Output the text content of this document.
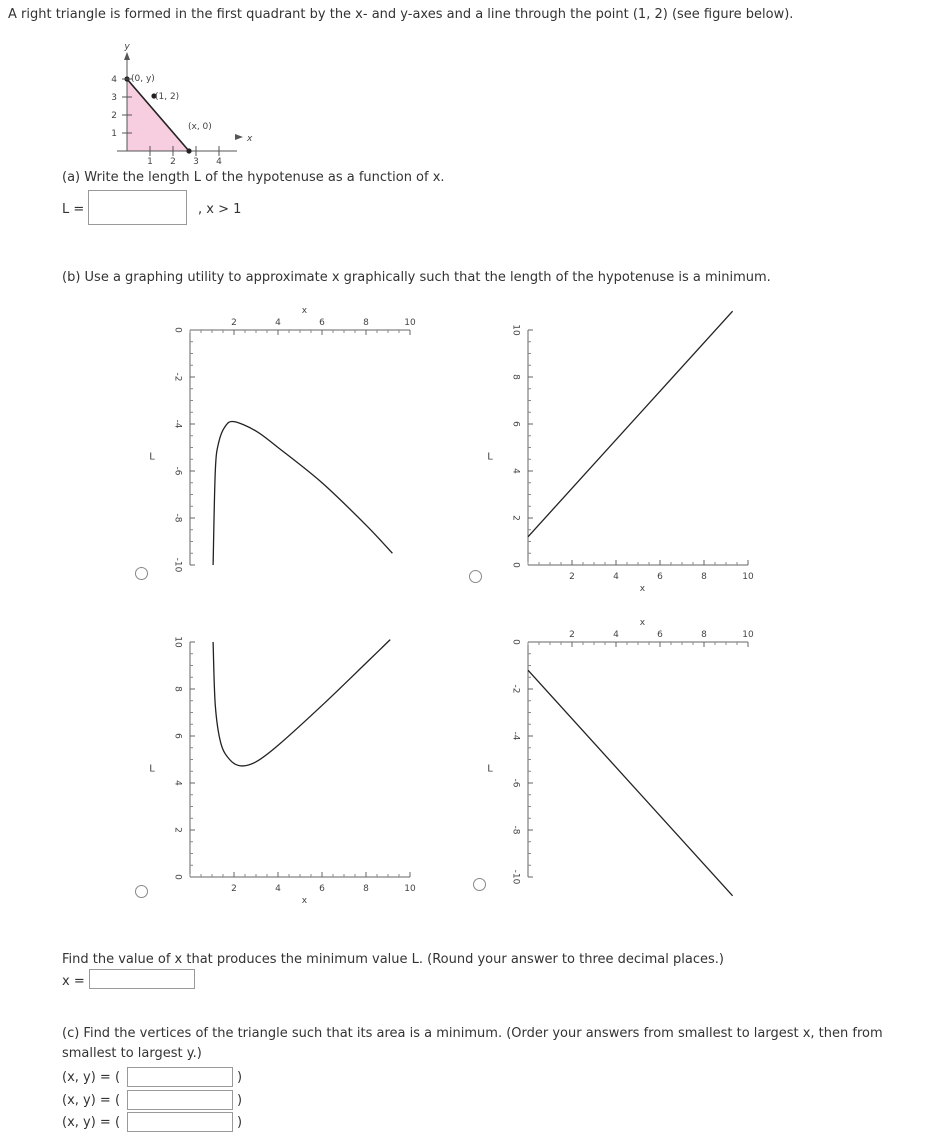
A right triangle is formed in the first quadrant by the x- and y-axes and a line through the point (1, 2) (see figure below).
4
3
2
1
1 2 3 4
y
x
(0, y)
(1, 2)
(x, 0)
(a) Write the length L of the hypotenuse as a function of x.
L =	, x > 1
(b) Use a graphing utility to approximate x graphically such that the length of the hypotenuse is a minimum.
2	4	6	8	10
x
0
-2
-4
-6
-8
-10
L
2	4	6	8	10
x
10
8
6
4
2
0
L
2	4	6	8	10
x
10
8
6
4
2
0
L
2	4	6	8	10
x
0
-2
-4
-6
-8
-10
L
Find the value of x that produces the minimum value L. (Round your answer to three decimal places.)
x =
(c) Find the vertices of the triangle such that its area is a minimum. (Order your answers from smallest to largest x, then from
smallest to largest y.)
(x, y) = (	)
(x, y) = (	)
(x, y) = (	)
